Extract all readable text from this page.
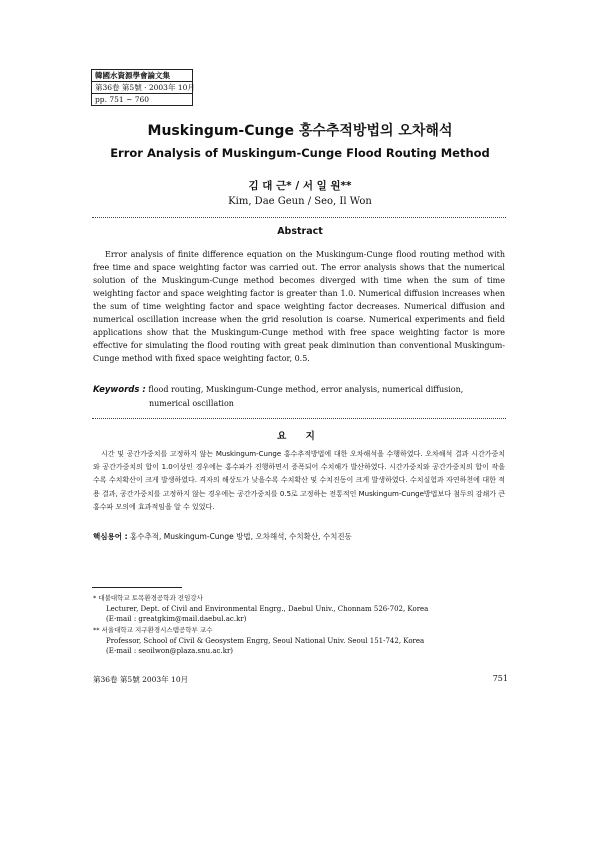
韓國水資源學會論文集
第36卷 第5號 · 2003年 10月
pp. 751 ~ 760
Muskingum-Cunge 홍수추적방법의 오차해석
Error Analysis of Muskingum-Cunge Flood Routing Method
김 대 근* / 서 일 원**
Kim, Dae Geun / Seo, Il Won
Abstract

Error analysis of finite difference equation on the Muskingum-Cunge flood routing method with free time and space weighting factor was carried out. The error analysis shows that the numerical solution of the Muskingum-Cunge method becomes diverged with time when the sum of time weighting factor and space weighting factor is greater than 1.0. Numerical diffusion increases when the sum of time weighting factor and space weighting factor decreases. Numerical diffusion and numerical oscillation increase when the grid resolution is coarse. Numerical experiments and field applications show that the Muskingum-Cunge method with free space weighting factor is more effective for simulating the flood routing with great peak diminution than conventional Muskingum-Cunge method with fixed space weighting factor, 0.5.

Keywords : flood routing, Muskingum-Cunge method, error analysis, numerical diffusion,
numerical oscillation
요 지

시간 및 공간가중치를 고정하지 않는 Muskingum-Cunge 홍수추적방법에 대한 오차해석을 수행하였다. 오차해석 결과 시간가중치와 공간가중치의 합이 1.0이상인 경우에는 홍수파가 진행하면서 증폭되어 수치해가 발산하였다. 시간가중치와 공간가중치의 합이 작을수록 수치확산이 크게 발생하였다. 격자의 해상도가 낮을수록 수치확산 및 수치진동이 크게 발생하였다. 수치실험과 자연하천에 대한 적용 결과, 공간가중치를 고정하지 않는 경우에는 공간가중치를 0.5로 고정하는 전통적인 Muskingum-Cunge방법보다 첨두의 감쇄가 큰 홍수파 모의에 효과적임을 알 수 있었다.

핵심용어 : 홍수추적, Muskingum-Cunge 방법, 오차해석, 수치확산, 수치진동
* 대불대학교 토목환경공학과 전임강사
Lecturer, Dept. of Civil and Environmental Engrg., Daebul Univ., Chonnam 526-702, Korea
(E-mail : greatgkim@mail.daebul.ac.kr)
** 서울대학교 지구환경시스템공학부 교수
Professor, School of Civil & Geosystem Engrg, Seoul National Univ. Seoul 151-742, Korea
(E-mail : seoilwon@plaza.snu.ac.kr)
第36卷 第5號 2003年 10月	751
